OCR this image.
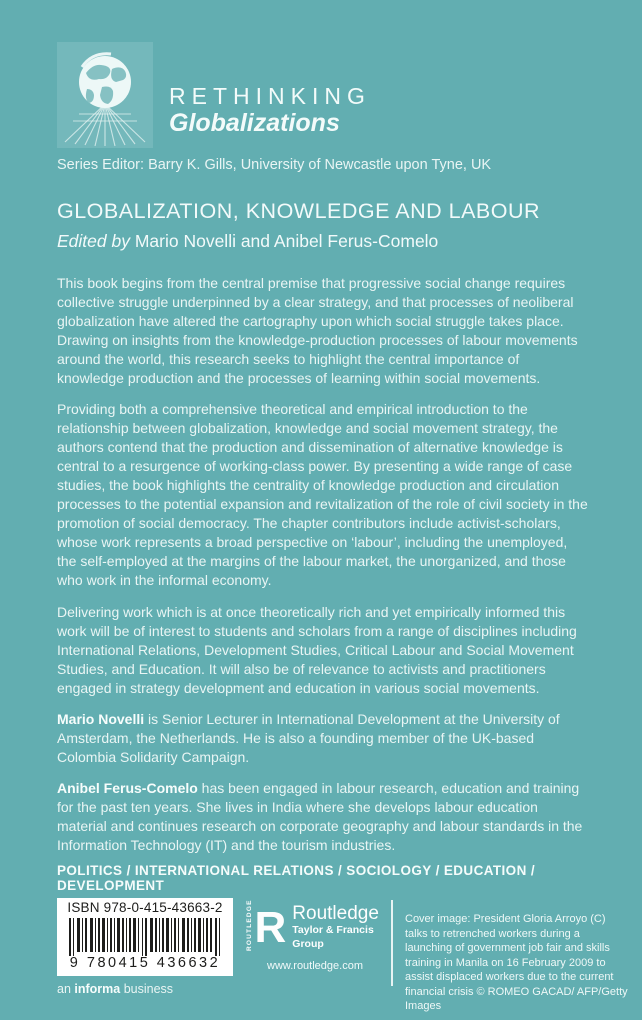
RETHINKING
Globalizations
Series Editor: Barry K. Gills, University of Newcastle upon Tyne, UK
GLOBALIZATION, KNOWLEDGE AND LABOUR
Edited by Mario Novelli and Anibel Ferus-Comelo

This book begins from the central premise that progressive social change requires collective struggle underpinned by a clear strategy, and that processes of neoliberal globalization have altered the cartography upon which social struggle takes place. Drawing on insights from the knowledge-production processes of labour movements around the world, this research seeks to highlight the central importance of knowledge production and the processes of learning within social movements.

Providing both a comprehensive theoretical and empirical introduction to the relationship between globalization, knowledge and social movement strategy, the authors contend that the production and dissemination of alternative knowledge is central to a resurgence of working-class power. By presenting a wide range of case studies, the book highlights the centrality of knowledge production and circulation processes to the potential expansion and revitalization of the role of civil society in the promotion of social democracy. The chapter contributors include activist-scholars, whose work represents a broad perspective on ‘labour’, including the unemployed, the self-employed at the margins of the labour market, the unorganized, and those who work in the informal economy.

Delivering work which is at once theoretically rich and yet empirically informed this work will be of interest to students and scholars from a range of disciplines including International Relations, Development Studies, Critical Labour and Social Movement Studies, and Education. It will also be of relevance to activists and practitioners engaged in strategy development and education in various social movements.

Mario Novelli is Senior Lecturer in International Development at the University of Amsterdam, the Netherlands. He is also a founding member of the UK-based Colombia Solidarity Campaign.

Anibel Ferus-Comelo has been engaged in labour research, education and training for the past ten years. She lives in India where she develops labour education material and continues research on corporate geography and labour standards in the Information Technology (IT) and the tourism industries.

POLITICS / INTERNATIONAL RELATIONS / SOCIOLOGY / EDUCATION / DEVELOPMENT
ISBN 978-0-415-43663-2
9 780415 436632
ROUTLEDGE R Routledge
Taylor & Francis Group
www.routledge.com
Cover image: President Gloria Arroyo (C) talks to retrenched workers during a launching of government job fair and skills training in Manila on 16 February 2009 to assist displaced workers due to the current financial crisis © ROMEO GACAD/ AFP/Getty Images
an informa business
